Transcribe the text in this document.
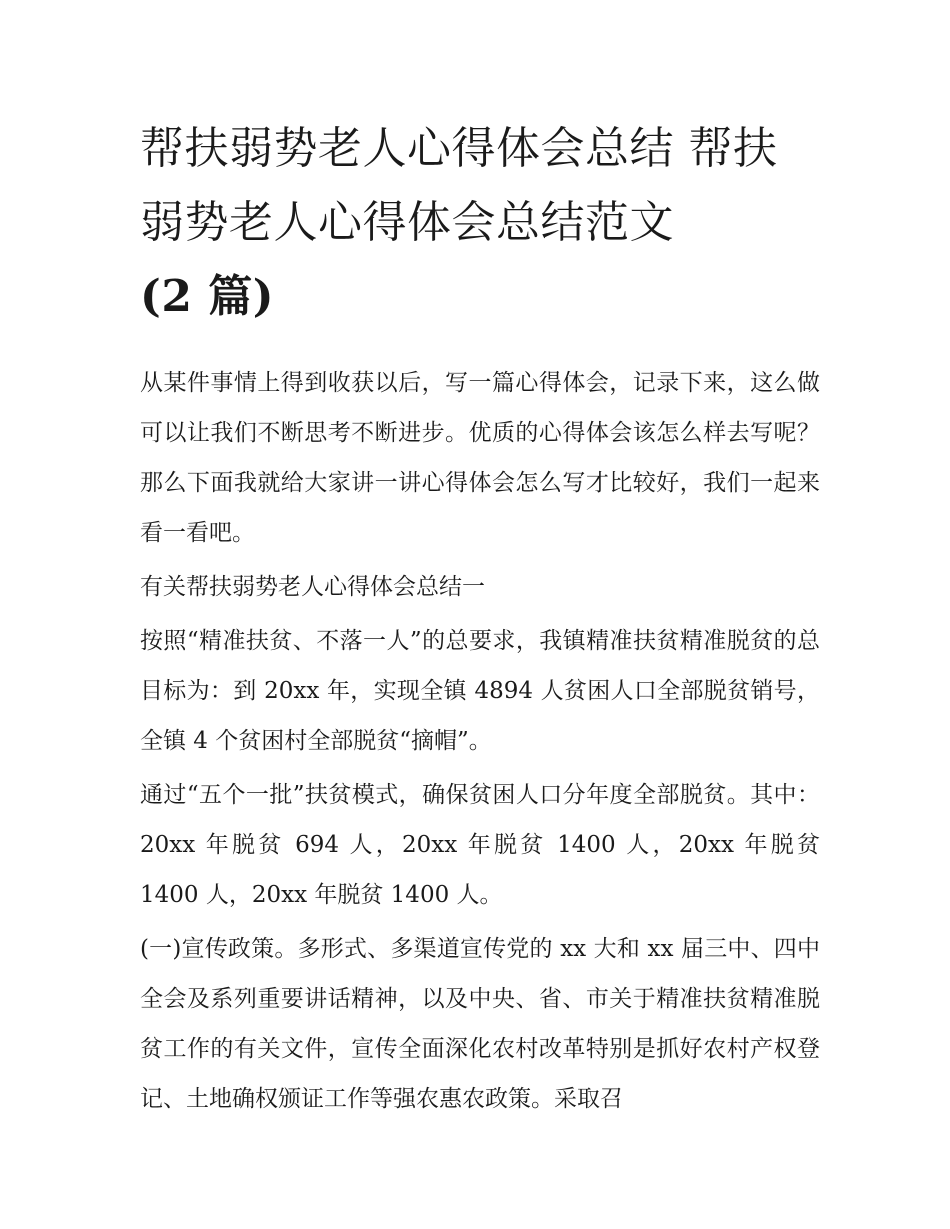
帮扶弱势老人心得体会总结 帮扶弱势老人心得体会总结范文
(2 篇)

从某件事情上得到收获以后，写一篇心得体会，记录下来，这么做可以让我们不断思考不断进步。优质的心得体会该怎么样去写呢？那么下面我就给大家讲一讲心得体会怎么写才比较好，我们一起来看一看吧。

有关帮扶弱势老人心得体会总结一

按照“精准扶贫、不落一人”的总要求，我镇精准扶贫精准脱贫的总目标为：到 20xx 年，实现全镇 4894 人贫困人口全部脱贫销号，全镇 4 个贫困村全部脱贫“摘帽”。

通过“五个一批”扶贫模式，确保贫困人口分年度全部脱贫。其中：20xx 年脱贫 694 人，20xx 年脱贫 1400 人，20xx 年脱贫 1400 人，20xx 年脱贫 1400 人。

(一)宣传政策。多形式、多渠道宣传党的 xx 大和 xx 届三中、四中全会及系列重要讲话精神，以及中央、省、市关于精准扶贫精准脱贫工作的有关文件，宣传全面深化农村改革特别是抓好农村产权登记、土地确权颁证工作等强农惠农政策。采取召
